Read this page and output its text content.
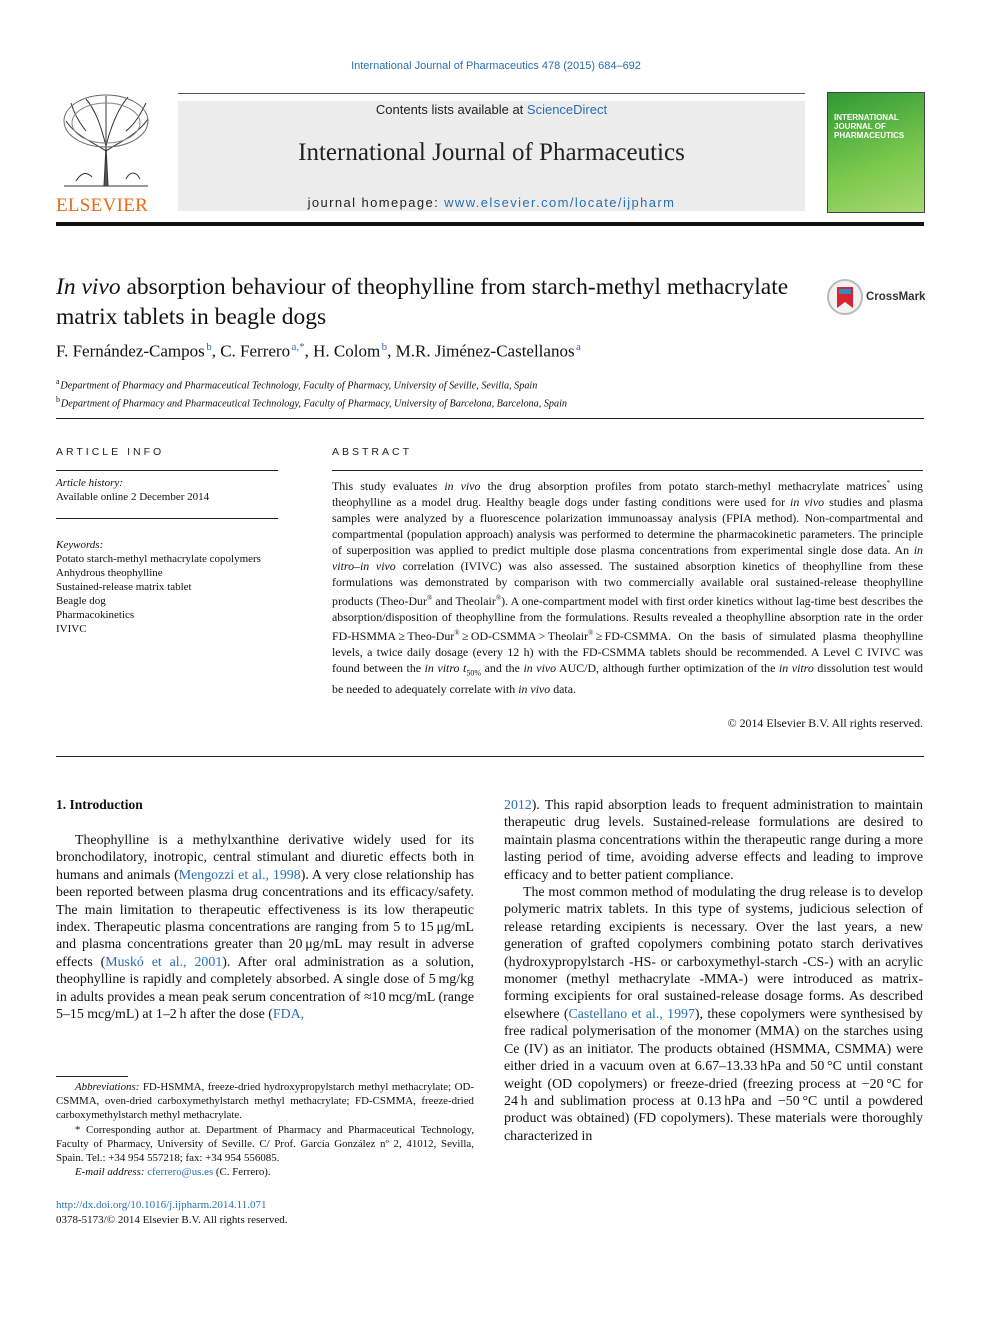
International Journal of Pharmaceutics 478 (2015) 684–692
ELSEVIER
Contents lists available at ScienceDirect
International Journal of Pharmaceutics
journal homepage: www.elsevier.com/locate/ijpharm
INTERNATIONAL JOURNAL OF PHARMACEUTICS
In vivo absorption behaviour of theophylline from starch-methyl methacrylate matrix tablets in beagle dogs
CrossMark
F. Fernández-Campos $^b$, C. Ferrero $^{a,*}$, H. Colom $^b$, M.R. Jiménez-Castellanos $^a$
$^a$ Department of Pharmacy and Pharmaceutical Technology, Faculty of Pharmacy, University of Seville, Sevilla, Spain
$^b$ Department of Pharmacy and Pharmaceutical Technology, Faculty of Pharmacy, University of Barcelona, Barcelona, Spain
ARTICLE INFO
Article history:
Available online 2 December 2014
Keywords:
Potato starch-methyl methacrylate copolymers
Anhydrous theophylline
Sustained-release matrix tablet
Beagle dog
Pharmacokinetics
IVIVC
ABSTRACT
This study evaluates in vivo the drug absorption profiles from potato starch-methyl methacrylate matrices* using theophylline as a model drug. Healthy beagle dogs under fasting conditions were used for in vivo studies and plasma samples were analyzed by a fluorescence polarization immunoassay analysis (FPIA method). Non-compartmental and compartmental (population approach) analysis was performed to determine the pharmacokinetic parameters. The principle of superposition was applied to predict multiple dose plasma concentrations from experimental single dose data. An in vitro–in vivo correlation (IVIVC) was also assessed. The sustained absorption kinetics of theophylline from these formulations was demonstrated by comparison with two commercially available oral sustained-release theophylline products (Theo-Dur® and Theolair®). A one-compartment model with first order kinetics without lag-time best describes the absorption/disposition of theophylline from the formulations. Results revealed a theophylline absorption rate in the order FD-HSMMA ≥ Theo-Dur® ≥ OD-CSMMA > Theolair® ≥ FD-CSMMA. On the basis of simulated plasma theophylline levels, a twice daily dosage (every 12 h) with the FD-CSMMA tablets should be recommended. A Level C IVIVC was found between the in vitro $t_{50\%}$ and the in vivo AUC/D, although further optimization of the in vitro dissolution test would be needed to adequately correlate with in vivo data.
© 2014 Elsevier B.V. All rights reserved.
1. Introduction

Theophylline is a methylxanthine derivative widely used for its bronchodilatory, inotropic, central stimulant and diuretic effects both in humans and animals (Mengozzi et al., 1998). A very close relationship has been reported between plasma drug concentrations and its efficacy/safety. The main limitation to therapeutic effectiveness is its low therapeutic index. Therapeutic plasma concentrations are ranging from 5 to 15 μg/mL and plasma concentrations greater than 20 μg/mL may result in adverse effects (Muskó et al., 2001). After oral administration as a solution, theophylline is rapidly and completely absorbed. A single dose of 5 mg/kg in adults provides a mean peak serum concentration of ≈10 mcg/mL (range 5–15 mcg/mL) at 1–2 h after the dose (FDA,

Abbreviations: FD-HSMMA, freeze-dried hydroxypropylstarch methyl methacrylate; OD-CSMMA, oven-dried carboxymethylstarch methyl methacrylate; FD-CSMMA, freeze-dried carboxymethylstarch methyl methacrylate.

* Corresponding author at. Department of Pharmacy and Pharmaceutical Technology, Faculty of Pharmacy, University of Seville. C/ Prof. García González nº 2, 41012, Sevilla, Spain. Tel.: +34 954 557218; fax: +34 954 556085.

E-mail address: cferrero@us.es (C. Ferrero).

http://dx.doi.org/10.1016/j.ijpharm.2014.11.071
0378-5173/© 2014 Elsevier B.V. All rights reserved.

2012). This rapid absorption leads to frequent administration to maintain therapeutic drug levels. Sustained-release formulations are desired to maintain plasma concentrations within the therapeutic range during a more lasting period of time, avoiding adverse effects and leading to improve efficacy and to better patient compliance.

The most common method of modulating the drug release is to develop polymeric matrix tablets. In this type of systems, judicious selection of release retarding excipients is necessary. Over the last years, a new generation of grafted copolymers combining potato starch derivatives (hydroxypropylstarch -HS- or carboxymethyl-starch -CS-) with an acrylic monomer (methyl methacrylate -MMA-) were introduced as matrix-forming excipients for oral sustained-release dosage forms. As described elsewhere (Castellano et al., 1997), these copolymers were synthesised by free radical polymerisation of the monomer (MMA) on the starches using Ce (IV) as an initiator. The products obtained (HSMMA, CSMMA) were either dried in a vacuum oven at 6.67–13.33 hPa and 50 °C until constant weight (OD copolymers) or freeze-dried (freezing process at −20 °C for 24 h and sublimation process at 0.13 hPa and −50 °C until a powdered product was obtained) (FD copolymers). These materials were thoroughly characterized in
